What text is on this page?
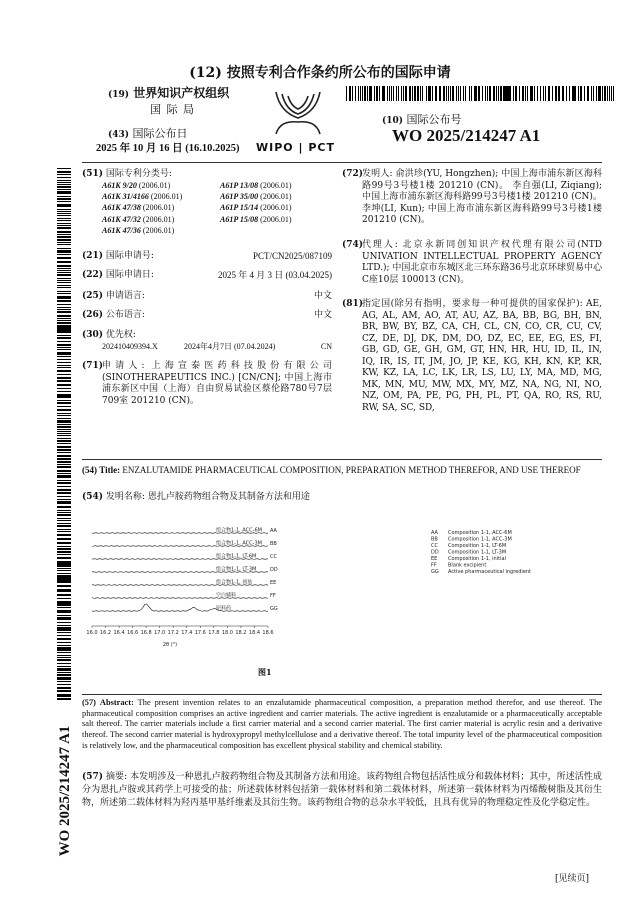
(12) 按照专利合作条约所公布的国际申请
(19) 世界知识产权组织
国 际 局
(43) 国际公布日
2025 年 10 月 16 日 (16.10.2025) WIPO | PCT
(10) 国际公布号
WO 2025/214247 A1
WO 2025/214247 A1
(51) 国际专利分类号:
A61K 9/20 (2006.01)	A61P 13/08 (2006.01)
A61K 31/4166 (2006.01)	A61P 35/00 (2006.01)
A61K 47/38 (2006.01)	A61P 15/14 (2006.01)
A61K 47/32 (2006.01)	A61P 15/08 (2006.01)
A61K 47/36 (2006.01)
(21) 国际申请号:	PCT/CN2025/087109
(22) 国际申请日:	2025 年 4 月 3 日 (03.04.2025)
(25) 申请语言:	中文
(26) 公布语言:	中文
(30) 优先权:
202410409394.X	2024年4月7日 (07.04.2024)	CN
(71)
申请人: 上海宣泰医药科技股份有限公司 (SINOTHERAPEUTICS INC.) [CN/CN]; 中国上海市浦东新区中国（上海）自由贸易试验区蔡伦路780号7层709室 201210 (CN)。
(72)
发明人: 俞洪珍(YU, Hongzhen); 中国上海市浦东新区海科路99号3号楼1楼 201210 (CN)。 李自强(LI, Ziqiang); 中国上海市浦东新区海科路99号3号楼1楼 201210 (CN)。 李坤(LI, Kun); 中国上海市浦东新区海科路99号3号楼1楼 201210 (CN)。
(74)
代理人: 北京永新同创知识产权代理有限公司(NTD UNIVATION INTELLECTUAL PROPERTY AGENCY LTD.); 中国北京市东城区北三环东路36号北京环球贸易中心C座10层 100013 (CN)。
(81)
指定国(除另有指明，要求每一种可提供的国家保护): AE, AG, AL, AM, AO, AT, AU, AZ, BA, BB, BG, BH, BN, BR, BW, BY, BZ, CA, CH, CL, CN, CO, CR, CU, CV, CZ, DE, DJ, DK, DM, DO, DZ, EC, EE, EG, ES, FI, GB, GD, GE, GH, GM, GT, HN, HR, HU, ID, IL, IN, IQ, IR, IS, IT, JM, JO, JP, KE, KG, KH, KN, KP, KR, KW, KZ, LA, LC, LK, LR, LS, LU, LY, MA, MD, MG, MK, MN, MU, MW, MX, MY, MZ, NA, NG, NI, NO, NZ, OM, PA, PE, PG, PH, PL, PT, QA, RO, RS, RU, RW, SA, SC, SD,
(54) Title: ENZALUTAMIDE PHARMACEUTICAL COMPOSITION, PREPARATION METHOD THEREFOR, AND USE THEREOF
(54) 发明名称: 恩扎卢胺药物组合物及其制备方法和用途
16.0 16.2 16.4 16.6 16.8 17.0 17.2 17.4 17.6 17.8 18.0 18.2 18.4 18.6
2θ (°)
组合物1-1, ACC-6M AA
组合物1-1, ACC-3M BB
组合物1-1, LT-6M	CC
组合物1-1, LT-3M	DD
组合物1-1, 初始	EE
空白辅料	FF
原料药	GG
AA Composition 1-1, ACC-6M
BB Composition 1-1, ACC-3M
CC Composition 1-1, LT-6M
DD Composition 1-1, LT-3M
EE Composition 1-1, initial
FF Blank excipient
GG Active pharmaceutical ingredient
图1
(57) Abstract: The present invention relates to an enzalutamide pharmaceutical composition, a preparation method therefor, and use thereof. The pharmaceutical composition comprises an active ingredient and carrier materials. The active ingredient is enzalutamide or a pharmaceutically acceptable salt thereof. The carrier materials include a first carrier material and a second carrier material. The first carrier material is acrylic resin and a derivative thereof. The second carrier material is hydroxypropyl methylcellulose and a derivative thereof. The total impurity level of the pharmaceutical composition is relatively low, and the pharmaceutical composition has excellent physical stability and chemical stability.
(57) 摘要: 本发明涉及一种恩扎卢胺药物组合物及其制备方法和用途。该药物组合物包括活性成分和载体材料；其中，所述活性成分为恩扎卢胺或其药学上可接受的盐；所述载体材料包括第一载体材料和第二载体材料，所述第一载体材料为丙烯酸树脂及其衍生物，所述第二载体材料为羟丙基甲基纤维素及其衍生物。该药物组合物的总杂水平较低，且具有优异的物理稳定性及化学稳定性。
[见续页]
